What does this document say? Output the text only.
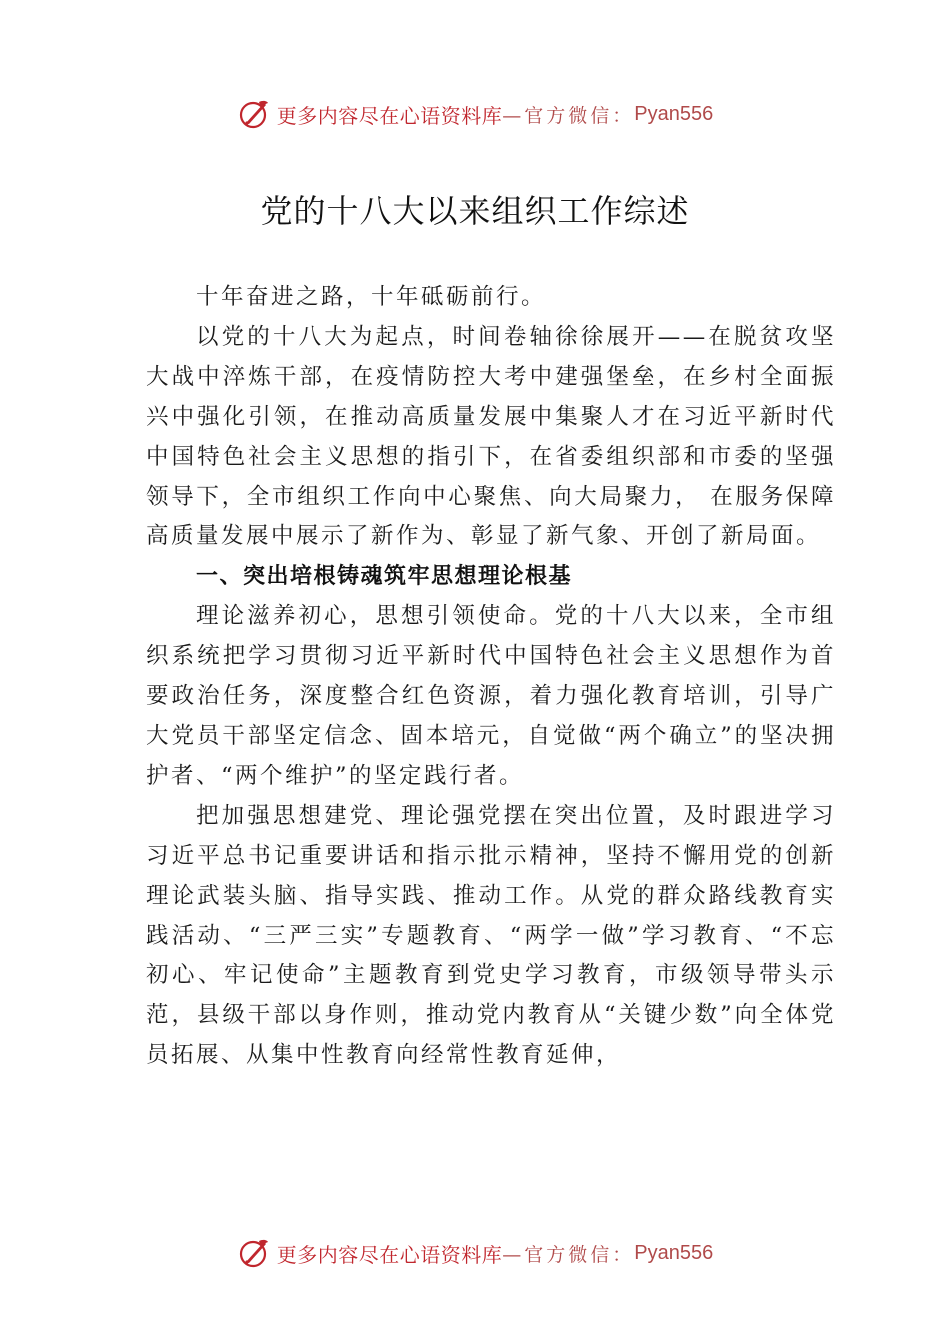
更多内容尽在心语资料库 —官方微信： Pyan556
党的十八大以来组织工作综述

十年奋进之路，十年砥砺前行。

以党的十八大为起点，时间卷轴徐徐展开——在脱贫攻坚大战中淬炼干部，在疫情防控大考中建强堡垒，在乡村全面振兴中强化引领，在推动高质量发展中集聚人才在习近平新时代中国特色社会主义思想的指引下，在省委组织部和市委的坚强领导下，全市组织工作向中心聚焦、向大局聚力， 在服务保障高质量发展中展示了新作为、彰显了新气象、开创了新局面。

一、突出培根铸魂筑牢思想理论根基

理论滋养初心，思想引领使命。党的十八大以来，全市组织系统把学习贯彻习近平新时代中国特色社会主义思想作为首要政治任务，深度整合红色资源，着力强化教育培训，引导广大党员干部坚定信念、固本培元，自觉做“两个确立”的坚决拥护者、“两个维护”的坚定践行者。

把加强思想建党、理论强党摆在突出位置，及时跟进学习习近平总书记重要讲话和指示批示精神，坚持不懈用党的创新理论武装头脑、指导实践、推动工作。从党的群众路线教育实践活动、“三严三实”专题教育、“两学一做”学习教育、“不忘初心、牢记使命”主题教育到党史学习教育，市级领导带头示范，县级干部以身作则，推动党内教育从“关键少数”向全体党员拓展、从集中性教育向经常性教育延伸，

更多内容尽在心语资料库 —官方微信： Pyan556
